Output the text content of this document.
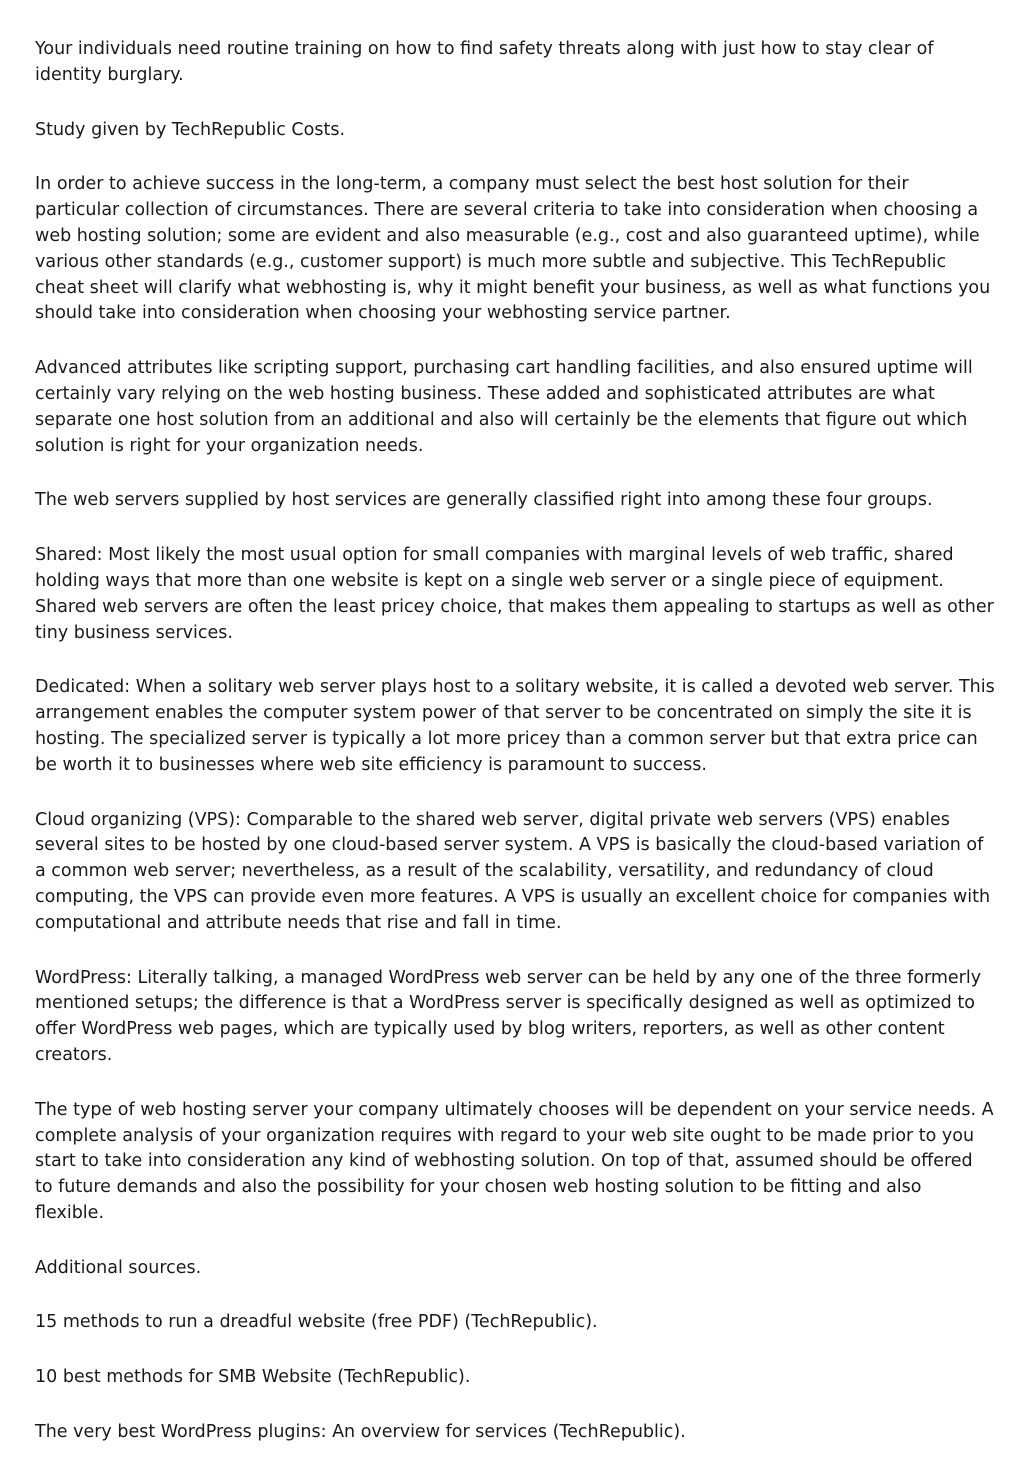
Your individuals need routine training on how to find safety threats along with just how to stay clear of identity burglary.

Study given by TechRepublic Costs.

In order to achieve success in the long-term, a company must select the best host solution for their particular collection of circumstances. There are several criteria to take into consideration when choosing a web hosting solution; some are evident and also measurable (e.g., cost and also guaranteed uptime), while various other standards (e.g., customer support) is much more subtle and subjective. This TechRepublic cheat sheet will clarify what webhosting is, why it might benefit your business, as well as what functions you should take into consideration when choosing your webhosting service partner.

Advanced attributes like scripting support, purchasing cart handling facilities, and also ensured uptime will certainly vary relying on the web hosting business. These added and sophisticated attributes are what separate one host solution from an additional and also will certainly be the elements that figure out which solution is right for your organization needs.

The web servers supplied by host services are generally classified right into among these four groups.

Shared: Most likely the most usual option for small companies with marginal levels of web traffic, shared holding ways that more than one website is kept on a single web server or a single piece of equipment. Shared web servers are often the least pricey choice, that makes them appealing to startups as well as other tiny business services.

Dedicated: When a solitary web server plays host to a solitary website, it is called a devoted web server. This arrangement enables the computer system power of that server to be concentrated on simply the site it is hosting. The specialized server is typically a lot more pricey than a common server but that extra price can be worth it to businesses where web site efficiency is paramount to success.

Cloud organizing (VPS): Comparable to the shared web server, digital private web servers (VPS) enables several sites to be hosted by one cloud-based server system. A VPS is basically the cloud-based variation of a common web server; nevertheless, as a result of the scalability, versatility, and redundancy of cloud computing, the VPS can provide even more features. A VPS is usually an excellent choice for companies with computational and attribute needs that rise and fall in time.

WordPress: Literally talking, a managed WordPress web server can be held by any one of the three formerly mentioned setups; the difference is that a WordPress server is specifically designed as well as optimized to offer WordPress web pages, which are typically used by blog writers, reporters, as well as other content creators.

The type of web hosting server your company ultimately chooses will be dependent on your service needs. A complete analysis of your organization requires with regard to your web site ought to be made prior to you start to take into consideration any kind of webhosting solution. On top of that, assumed should be offered to future demands and also the possibility for your chosen web hosting solution to be fitting and also flexible.

Additional sources.

15 methods to run a dreadful website (free PDF) (TechRepublic).

10 best methods for SMB Website (TechRepublic).

The very best WordPress plugins: An overview for services (TechRepublic).
